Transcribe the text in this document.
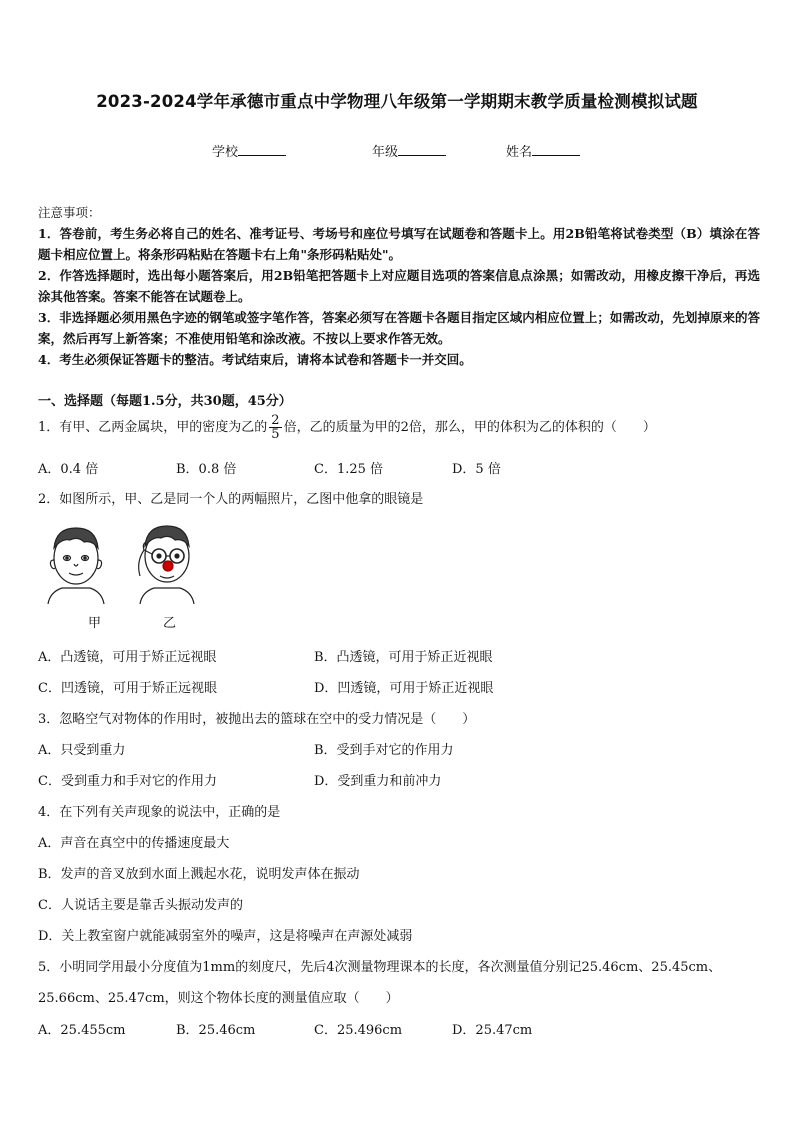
2023-2024学年承德市重点中学物理八年级第一学期期末教学质量检测模拟试题
学校	年级	姓名
注意事项：

1．答卷前，考生务必将自己的姓名、准考证号、考场号和座位号填写在试题卷和答题卡上。用2B铅笔将试卷类型（B）填涂在答题卡相应位置上。将条形码粘贴在答题卡右上角"条形码粘贴处"。

2．作答选择题时，选出每小题答案后，用2B铅笔把答题卡上对应题目选项的答案信息点涂黑；如需改动，用橡皮擦干净后，再选涂其他答案。答案不能答在试题卷上。

3．非选择题必须用黑色字迹的钢笔或签字笔作答，答案必须写在答题卡各题目指定区域内相应位置上；如需改动，先划掉原来的答案，然后再写上新答案；不准使用铅笔和涂改液。不按以上要求作答无效。

4．考生必须保证答题卡的整洁。考试结束后，请将本试卷和答题卡一并交回。

一、选择题（每题1.5分，共30题，45分）
1．有甲、乙两金属块，甲的密度为乙的 $\frac{2}{5}$ 倍，乙的质量为甲的2倍，那么，甲的体积为乙的体积的（　　）
A．0.4 倍	B．0.8 倍	C．1.25 倍	D．5 倍
2．如图所示，甲、乙是同一个人的两幅照片，乙图中他拿的眼镜是
甲	乙
A．凸透镜，可用于矫正远视眼	B．凸透镜，可用于矫正近视眼
C．凹透镜，可用于矫正远视眼	D．凹透镜，可用于矫正近视眼
3．忽略空气对物体的作用时，被抛出去的篮球在空中的受力情况是（　　）
A．只受到重力	B．受到手对它的作用力
C．受到重力和手对它的作用力	D．受到重力和前冲力
4．在下列有关声现象的说法中，正确的是
A．声音在真空中的传播速度最大
B．发声的音叉放到水面上溅起水花，说明发声体在振动
C．人说话主要是靠舌头振动发声的
D．关上教室窗户就能减弱室外的噪声，这是将噪声在声源处减弱
5．小明同学用最小分度值为1mm的刻度尺，先后4次测量物理课本的长度，各次测量值分别记25.46cm、25.45cm、
25.66cm、25.47cm，则这个物体长度的测量值应取（　　）
A．25.455cm	B．25.46cm	C．25.496cm	D．25.47cm
